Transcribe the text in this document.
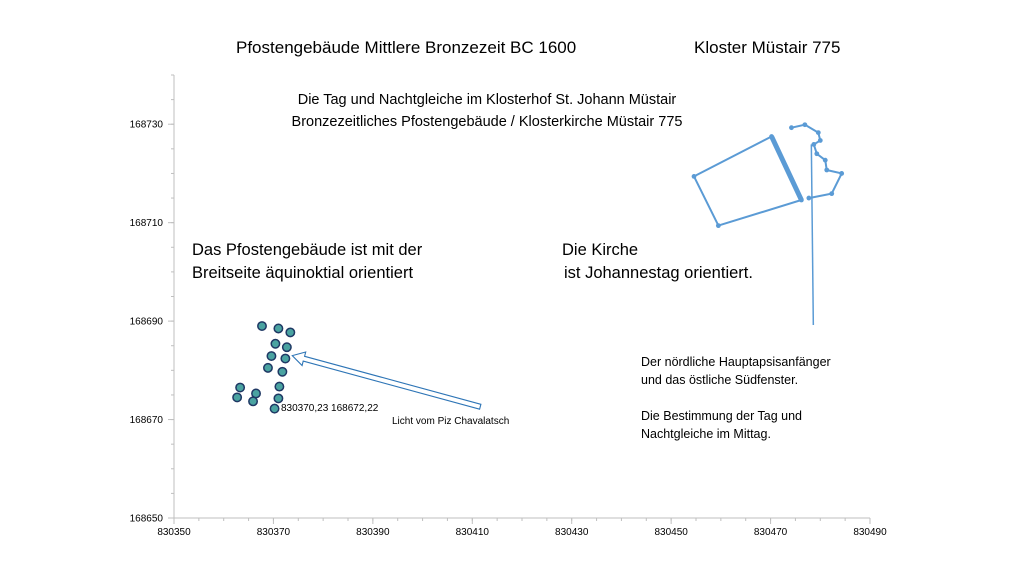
168650
168670
168690
168710
168730
830350	830370	830390	830410	830430	830450	830470	830490
Pfostengebäude Mittlere Bronzezeit BC 1600	Kloster Müstair 775
Die Tag und Nachtgleiche im Klosterhof St. Johann Müstair
Bronzezeitliches Pfostengebäude / Klosterkirche Müstair 775
Das Pfostengebäude ist mit der
Breitseite äquinoktial orientiert
Die Kirche
ist Johannestag orientiert.
Der nördliche Hauptapsisanfänger
und das östliche Südfenster.
Die Bestimmung der Tag und
Nachtgleiche im Mittag.
830370,23 168672,22
Licht vom Piz Chavalatsch
